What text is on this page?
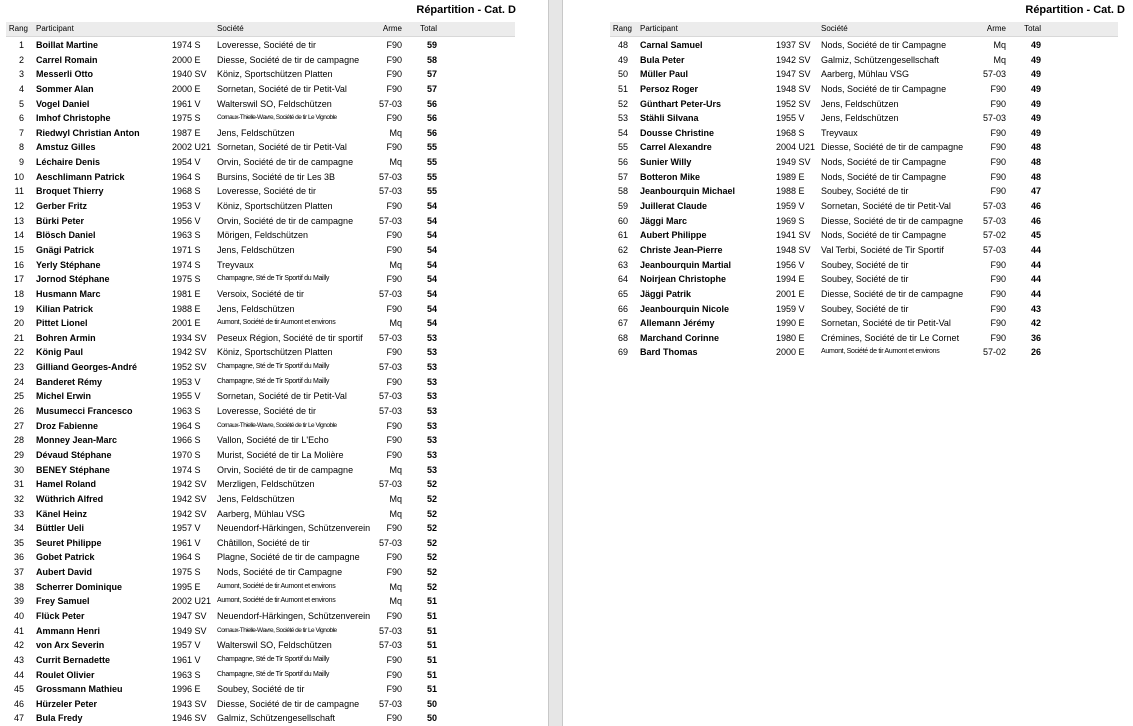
Répartition - Cat. D
Rang Participant	Société	Arme Total
1 Boillat Martine	1974 S	Loveresse, Société de tir	F90	59
2 Carrel Romain	2000 E	Diesse, Société de tir de campagne	F90	58
3 Messerli Otto	1940 SV	Köniz, Sportschützen Platten	F90	57
4 Sommer Alan	2000 E	Sornetan, Société de tir Petit-Val	F90	57
5 Vogel Daniel	1961 V	Walterswil SO, Feldschützen	57-03	56
6 Imhof Christophe	1975 S	Cornaux-Thielle-Wavre, Société de tir Le Vignoble	F90	56
7 Riedwyl Christian Anton	1987 E	Jens, Feldschützen	Mq	56
8 Amstuz Gilles	2002 U21 Sornetan, Société de tir Petit-Val	F90	55
9 Léchaire Denis	1954 V	Orvin, Société de tir de campagne	Mq	55
10 Aeschlimann Patrick	1964 S	Bursins, Société de tir Les 3B	57-03	55
11 Broquet Thierry	1968 S	Loveresse, Société de tir	57-03	55
12 Gerber Fritz	1953 V	Köniz, Sportschützen Platten	F90	54
13 Bürki Peter	1956 V	Orvin, Société de tir de campagne	57-03	54
14 Blösch Daniel	1963 S	Mörigen, Feldschützen	F90	54
15 Gnägi Patrick	1971 S	Jens, Feldschützen	F90	54
16 Yerly Stéphane	1974 S	Treyvaux	Mq	54
17 Jornod Stéphane	1975 S	Champagne, Sté de Tir Sportif du Mailly	F90	54
18 Husmann Marc	1981 E	Versoix, Société de tir	57-03	54
19 Kilian Patrick	1988 E	Jens, Feldschützen	F90	54
20 Pittet Lionel	2001 E	Aumont, Société de tir Aumont et environs	Mq	54
21 Bohren Armin	1934 SV	Peseux Région, Société de tir sportif	57-03	53
22 König Paul	1942 SV	Köniz, Sportschützen Platten	F90	53
23 Gilliand Georges-André	1952 SV	Champagne, Sté de Tir Sportif du Mailly	57-03	53
24 Banderet Rémy	1953 V	Champagne, Sté de Tir Sportif du Mailly	F90	53
25 Michel Erwin	1955 V	Sornetan, Société de tir Petit-Val	57-03	53
26 Musumecci Francesco	1963 S	Loveresse, Société de tir	57-03	53
27 Droz Fabienne	1964 S	Cornaux-Thielle-Wavre, Société de tir Le Vignoble	F90	53
28 Monney Jean-Marc	1966 S	Vallon, Société de tir L'Echo	F90	53
29 Dévaud Stéphane	1970 S	Murist, Société de tir La Molière	F90	53
30 BENEY Stéphane	1974 S	Orvin, Société de tir de campagne	Mq	53
31 Hamel Roland	1942 SV	Merzligen, Feldschützen	57-03	52
32 Wüthrich Alfred	1942 SV	Jens, Feldschützen	Mq	52
33 Känel Heinz	1942 SV	Aarberg, Mühlau VSG	Mq	52
34 Büttler Ueli	1957 V	Neuendorf-Härkingen, Schützenverein	F90	52
35 Seuret Philippe	1961 V	Châtillon, Société de tir	57-03	52
36 Gobet Patrick	1964 S	Plagne, Société de tir de campagne	F90	52
37 Aubert David	1975 S	Nods, Société de tir Campagne	F90	52
38 Scherrer Dominique	1995 E	Aumont, Société de tir Aumont et environs	Mq	52
39 Frey Samuel	2002 U21 Aumont, Société de tir Aumont et environs	Mq	51
40 Flück Peter	1947 SV	Neuendorf-Härkingen, Schützenverein	F90	51
41 Ammann Henri	1949 SV	Cornaux-Thielle-Wavre, Société de tir Le Vignoble	57-03	51
42 von Arx Severin	1957 V	Walterswil SO, Feldschützen	57-03	51
43 Currit Bernadette	1961 V	Champagne, Sté de Tir Sportif du Mailly	F90	51
44 Roulet Olivier	1963 S	Champagne, Sté de Tir Sportif du Mailly	F90	51
45 Grossmann Mathieu	1996 E	Soubey, Société de tir	F90	51
46 Hürzeler Peter	1943 SV	Diesse, Société de tir de campagne	57-03	50
47 Bula Fredy	1946 SV	Galmiz, Schützengesellschaft	F90	50
Répartition - Cat. D
Rang Participant	Société	Arme Total
48 Carnal Samuel	1937 SV	Nods, Société de tir Campagne	Mq	49
49 Bula Peter	1942 SV	Galmiz, Schützengesellschaft	Mq	49
50 Müller Paul	1947 SV	Aarberg, Mühlau VSG	57-03	49
51 Persoz Roger	1948 SV	Nods, Société de tir Campagne	F90	49
52 Günthart Peter-Urs	1952 SV	Jens, Feldschützen	F90	49
53 Stähli Silvana	1955 V	Jens, Feldschützen	57-03	49
54 Dousse Christine	1968 S	Treyvaux	F90	49
55 Carrel Alexandre	2004 U21 Diesse, Société de tir de campagne	F90	48
56 Sunier Willy	1949 SV	Nods, Société de tir Campagne	F90	48
57 Botteron Mike	1989 E	Nods, Société de tir Campagne	F90	48
58 Jeanbourquin Michael	1988 E	Soubey, Société de tir	F90	47
59 Juillerat Claude	1959 V	Sornetan, Société de tir Petit-Val	57-03	46
60 Jäggi Marc	1969 S	Diesse, Société de tir de campagne	57-03	46
61 Aubert Philippe	1941 SV	Nods, Société de tir Campagne	57-02	45
62 Christe Jean-Pierre	1948 SV	Val Terbi, Société de Tir Sportif	57-03	44
63 Jeanbourquin Martial	1956 V	Soubey, Société de tir	F90	44
64 Noirjean Christophe	1994 E	Soubey, Société de tir	F90	44
65 Jäggi Patrik	2001 E	Diesse, Société de tir de campagne	F90	44
66 Jeanbourquin Nicole	1959 V	Soubey, Société de tir	F90	43
67 Allemann Jérémy	1990 E	Sornetan, Société de tir Petit-Val	F90	42
68 Marchand Corinne	1980 E	Crémines, Société de tir Le Cornet	F90	36
69 Bard Thomas	2000 E	Aumont, Société de tir Aumont et environs	57-02	26
